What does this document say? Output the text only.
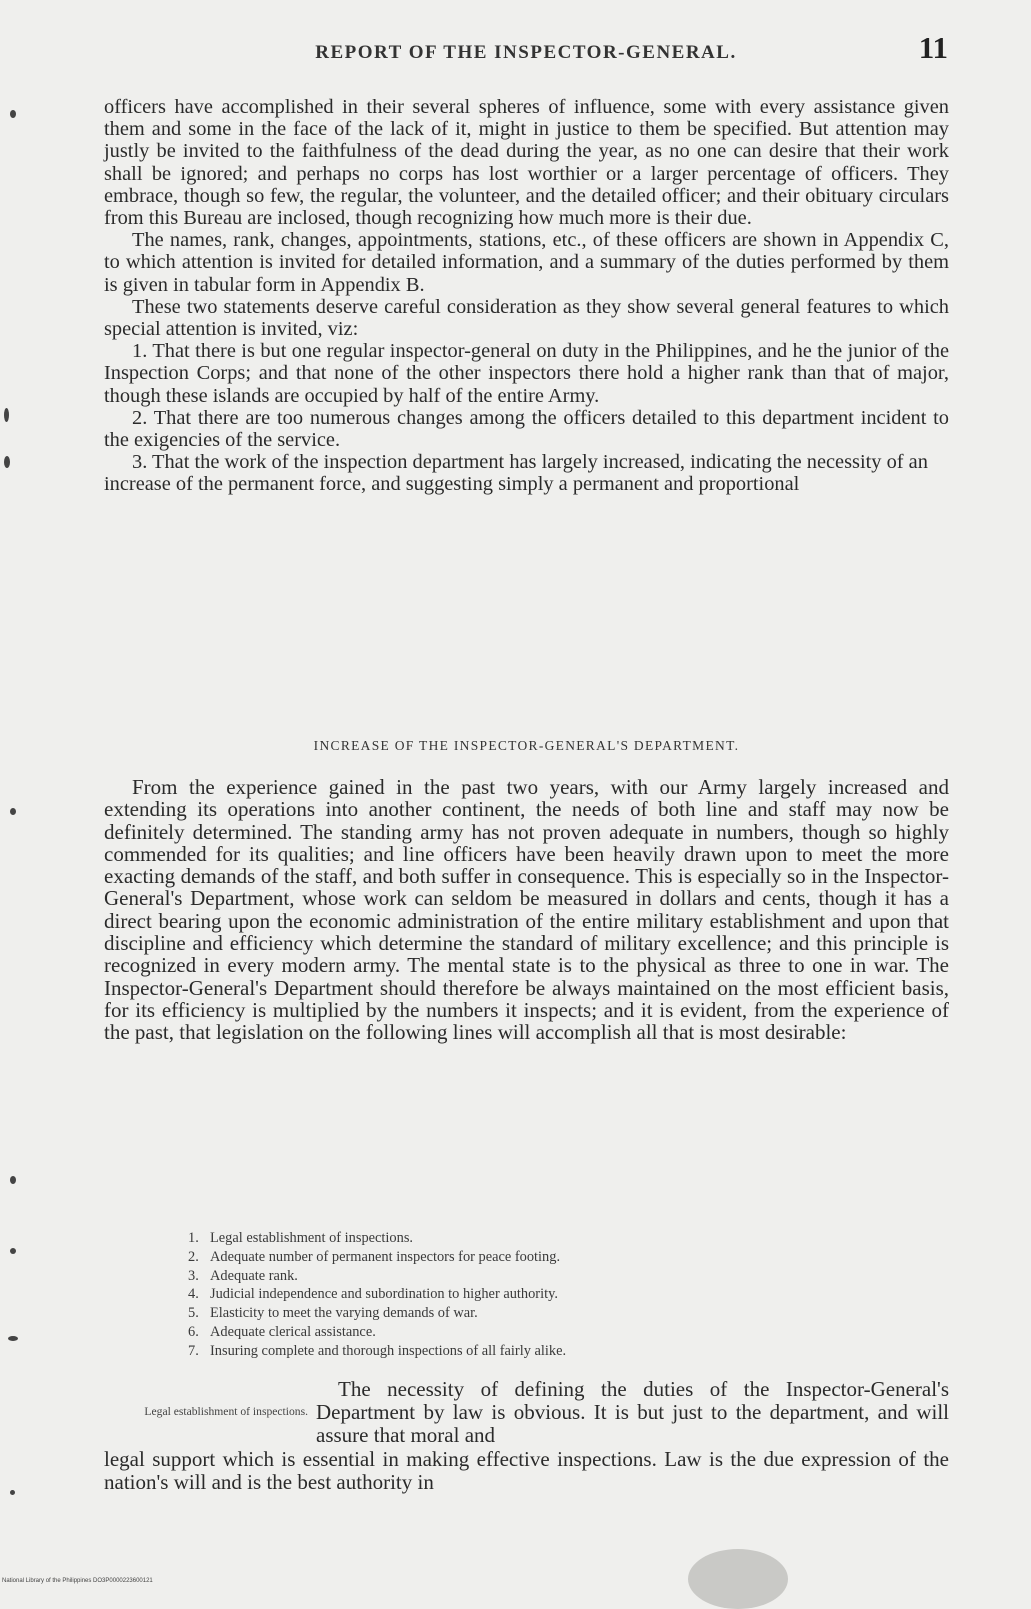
REPORT OF THE INSPECTOR-GENERAL.	11

officers have accomplished in their several spheres of influence, some with every assistance given them and some in the face of the lack of it, might in justice to them be specified. But attention may justly be invited to the faithfulness of the dead during the year, as no one can desire that their work shall be ignored; and perhaps no corps has lost worthier or a larger percentage of officers. They embrace, though so few, the regular, the volunteer, and the detailed officer; and their obituary circulars from this Bureau are inclosed, though recognizing how much more is their due.

The names, rank, changes, appointments, stations, etc., of these officers are shown in Appendix C, to which attention is invited for detailed information, and a summary of the duties performed by them is given in tabular form in Appendix B.

These two statements deserve careful consideration as they show several general features to which special attention is invited, viz:

1. That there is but one regular inspector-general on duty in the Philippines, and he the junior of the Inspection Corps; and that none of the other inspectors there hold a higher rank than that of major, though these islands are occupied by half of the entire Army.

2. That there are too numerous changes among the officers detailed to this department incident to the exigencies of the service.

3. That the work of the inspection department has largely increased, indicating the necessity of an increase of the permanent force, and suggesting simply a permanent and proportional

INCREASE OF THE INSPECTOR-GENERAL'S DEPARTMENT.

From the experience gained in the past two years, with our Army largely increased and extending its operations into another continent, the needs of both line and staff may now be definitely determined. The standing army has not proven adequate in numbers, though so highly commended for its qualities; and line officers have been heavily drawn upon to meet the more exacting demands of the staff, and both suffer in consequence. This is especially so in the Inspector-General's Department, whose work can seldom be measured in dollars and cents, though it has a direct bearing upon the economic administration of the entire military establishment and upon that discipline and efficiency which determine the standard of military excellence; and this principle is recognized in every modern army. The mental state is to the physical as three to one in war. The Inspector-General's Department should therefore be always maintained on the most efficient basis, for its efficiency is multiplied by the numbers it inspects; and it is evident, from the experience of the past, that legislation on the following lines will accomplish all that is most desirable:

1. Legal establishment of inspections.
2. Adequate number of permanent inspectors for peace footing.
3. Adequate rank.
4. Judicial independence and subordination to higher authority.
5. Elasticity to meet the varying demands of war.
6. Adequate clerical assistance.
7. Insuring complete and thorough inspections of all fairly alike.
Legal establishment of inspections.

The necessity of defining the duties of the Inspector-General's Department by law is obvious. It is but just to the department, and will assure that moral and

legal support which is essential in making effective inspections. Law is the due expression of the nation's will and is the best authority in

National Library of the Philippines DO3P0000223600121
